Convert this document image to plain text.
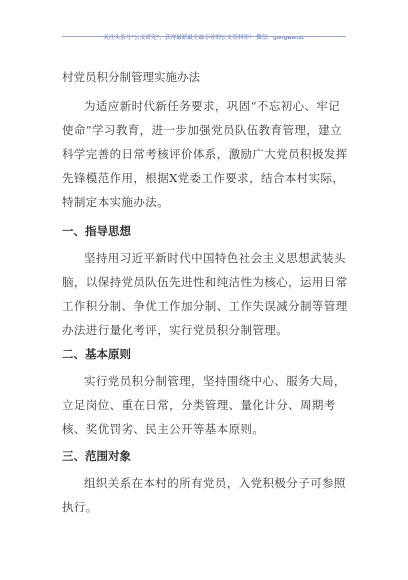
关注头条号“公文研究”，获得最新最全最专业的公文资料库！ 微信：gongwenzc
村党员积分制管理实施办法

为适应新时代新任务要求，巩固“不忘初心、牢记使命”学习教育，进一步加强党员队伍教育管理，建立科学完善的日常考核评价体系，激励广大党员积极发挥先锋模范作用，根据X党委工作要求，结合本村实际，特制定本实施办法。

一、指导思想

坚持用习近平新时代中国特色社会主义思想武装头脑，以保持党员队伍先进性和纯洁性为核心，运用日常工作积分制、争优工作加分制、工作失误减分制等管理办法进行量化考评，实行党员积分制管理。

二、基本原则

实行党员积分制管理，坚持围绕中心、服务大局，立足岗位、重在日常，分类管理、量化计分、周期考核、奖优罚劣、民主公开等基本原则。

三、范围对象

组织关系在本村的所有党员，入党积极分子可参照执行。
